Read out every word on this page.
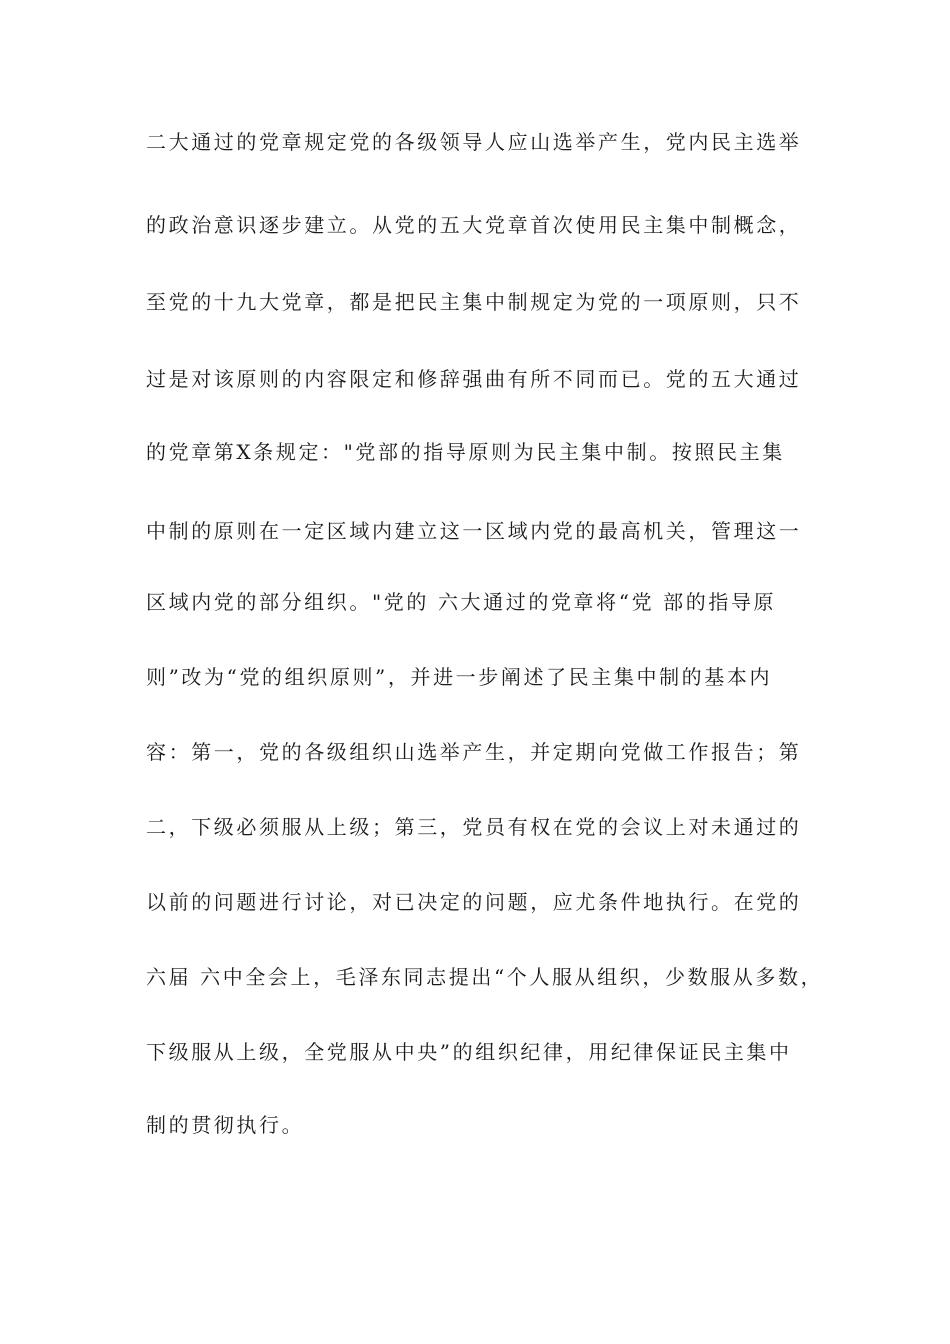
二大通过的党章规定党的各级领导人应山选举产生，党内民主选举
的政治意识逐步建立。从党的五大党章首次使用民主集中制概念，
至党的十九大党章，都是把民主集中制规定为党的一项原则，只不
过是对该原则的内容限定和修辞强曲有所不同而已。党的五大通过
的党章第X条规定："党部的指导原则为民主集中制。按照民主集
中制的原则在一定区域内建立这一区域内党的最高机关，管理这一
区域内党的部分组织。"党的 六大通过的党章将“党 部的指导原
则”改为“党的组织原则”，并进一步阐述了民主集中制的基本内
容：第一，党的各级组织山选举产生，并定期向党做工作报告；第
二，下级必须服从上级；第三，党员有权在党的会议上对未通过的
以前的问题进行讨论，对已决定的问题，应尤条件地执行。在党的
六届 六中全会上，毛泽东同志提出“个人服从组织，少数服从多数，
下级服从上级，全党服从中央”的组织纪律，用纪律保证民主集中
制的贯彻执行。
